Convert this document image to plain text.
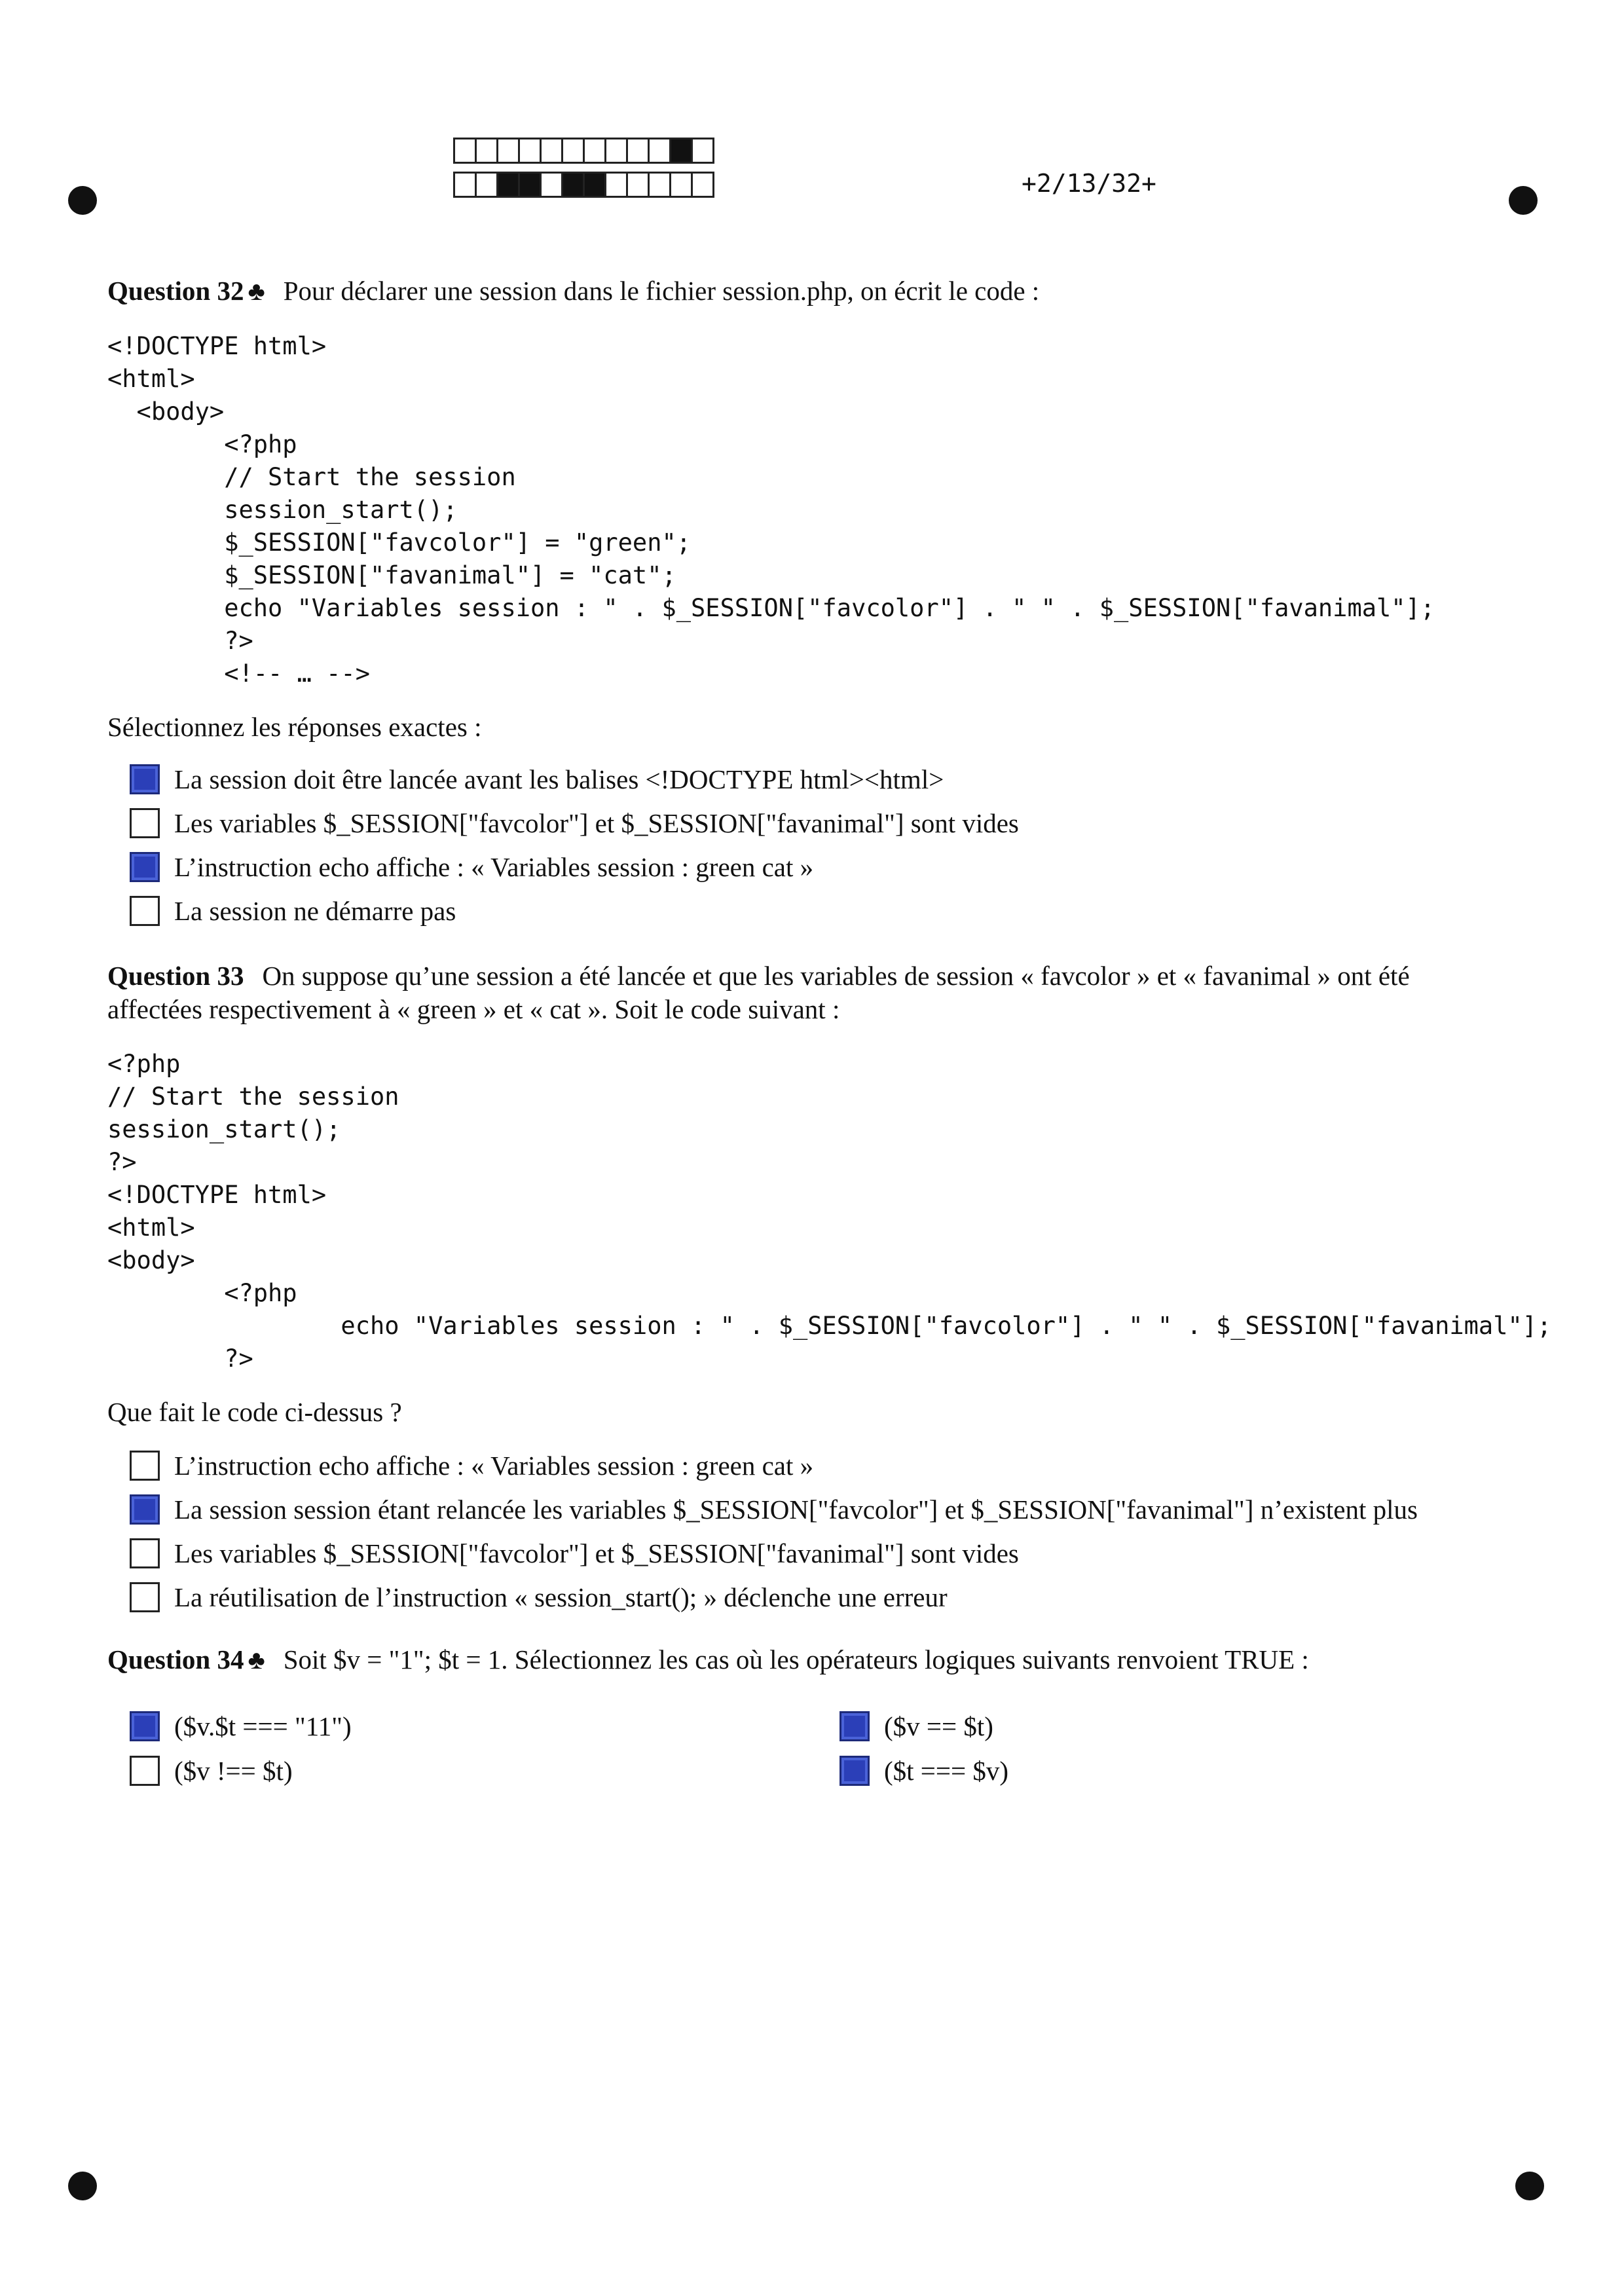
+2/13/32+
Question 32 ♣ Pour déclarer une session dans le fichier session.php, on écrit le code :
<!DOCTYPE html>
<html>
<body>
<?php
// Start the session
session_start();
$_SESSION["favcolor"] = "green";
$_SESSION["favanimal"] = "cat";
echo "Variables session : " . $_SESSION["favcolor"] . " " . $_SESSION["favanimal"];
?>
<!-- … -->
Sélectionnez les réponses exactes :
La session doit être lancée avant les balises <!DOCTYPE html><html>
Les variables $_SESSION["favcolor"] et $_SESSION["favanimal"] sont vides
L’instruction echo affiche : « Variables session : green cat »
La session ne démarre pas
Question 33 On suppose qu’une session a été lancée et que les variables de session « favcolor » et « favanimal » ont été
affectées respectivement à « green » et « cat ». Soit le code suivant :
<?php
// Start the session
session_start();
?>
<!DOCTYPE html>
<html>
<body>
<?php
echo "Variables session : " . $_SESSION["favcolor"] . " " . $_SESSION["favanimal"];
?>
Que fait le code ci-dessus ?
L’instruction echo affiche : « Variables session : green cat »
La session session étant relancée les variables $_SESSION["favcolor"] et $_SESSION["favanimal"] n’existent plus
Les variables $_SESSION["favcolor"] et $_SESSION["favanimal"] sont vides
La réutilisation de l’instruction « session_start(); » déclenche une erreur
Question 34 ♣ Soit $v = "1"; $t = 1. Sélectionnez les cas où les opérateurs logiques suivants renvoient TRUE :
($v.$t === "11")	($v == $t)
($v !== $t)	($t === $v)
